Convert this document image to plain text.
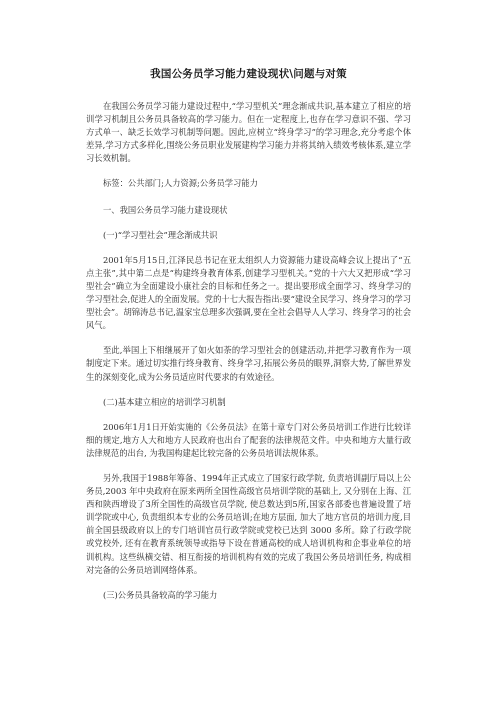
我国公务员学习能力建设现状\问题与对策

在我国公务员学习能力建设过程中,“学习型机关”理念渐成共识,基本建立了相应的培训学习机制且公务员具备较高的学习能力。但在一定程度上,也存在学习意识不强、学习方式单一、缺乏长效学习机制等问题。因此,应树立“终身学习”的学习理念,充分考虑个体差异,学习方式多样化,围绕公务员职业发展建构学习能力并将其纳入绩效考核体系,建立学习长效机制。

标签：公共部门;人力资源;公务员学习能力

一、我国公务员学习能力建设现状

(一)“学习型社会”理念渐成共识

2001年5月15日,江泽民总书记在亚太组织人力资源能力建设高峰会议上提出了“五点主张”,其中第二点是“构建终身教育体系,创建学习型机关。”党的十六大又把形成“学习型社会”确立为全面建设小康社会的目标和任务之一。提出要形成全面学习、终身学习的学习型社会,促进人的全面发展。党的十七大报告指出:要“建设全民学习、终身学习的学习型社会”。胡锦涛总书记,温家宝总理多次强调,要在全社会倡导人人学习、终身学习的社会风气。

至此,举国上下相继展开了如火如荼的学习型社会的创建活动,并把学习教育作为一项制度定下来。通过切实推行终身教育、终身学习,拓展公务员的眼界,洞察大势,了解世界发生的深刻变化,成为公务员适应时代要求的有效途径。

(二)基本建立相应的培训学习机制

2006年1月1日开始实施的《公务员法》在第十章专门对公务员培训工作进行比较详细的规定,地方人大和地方人民政府也出台了配套的法律规范文件。中央和地方大量行政法律规范的出台, 为我国构建起比较完备的公务员培训法规体系。

另外,我国于1988年筹备、1994年正式成立了国家行政学院, 负责培训副厅局以上公务员,2003 年中央政府在原来两所全国性高级官员培训学院的基础上, 又分别在上海、江西和陕西增设了3所全国性的高级官员学院, 使总数达到5所,国家各部委也普遍设置了培训学院或中心, 负责组织本专业的公务员培训;在地方层面, 加大了地方官员的培训力度,目前全国县级政府以上的专门培训官员行政学院或党校已达到 3000 多所。除了行政学院或党校外, 还有在教育系统领导或指导下设在普通高校的成人培训机构和企事业单位的培训机构。这些纵横交错、相互衔接的培训机构有效的完成了我国公务员培训任务, 构成相对完备的公务员培训网络体系。

(三)公务员具备较高的学习能力
